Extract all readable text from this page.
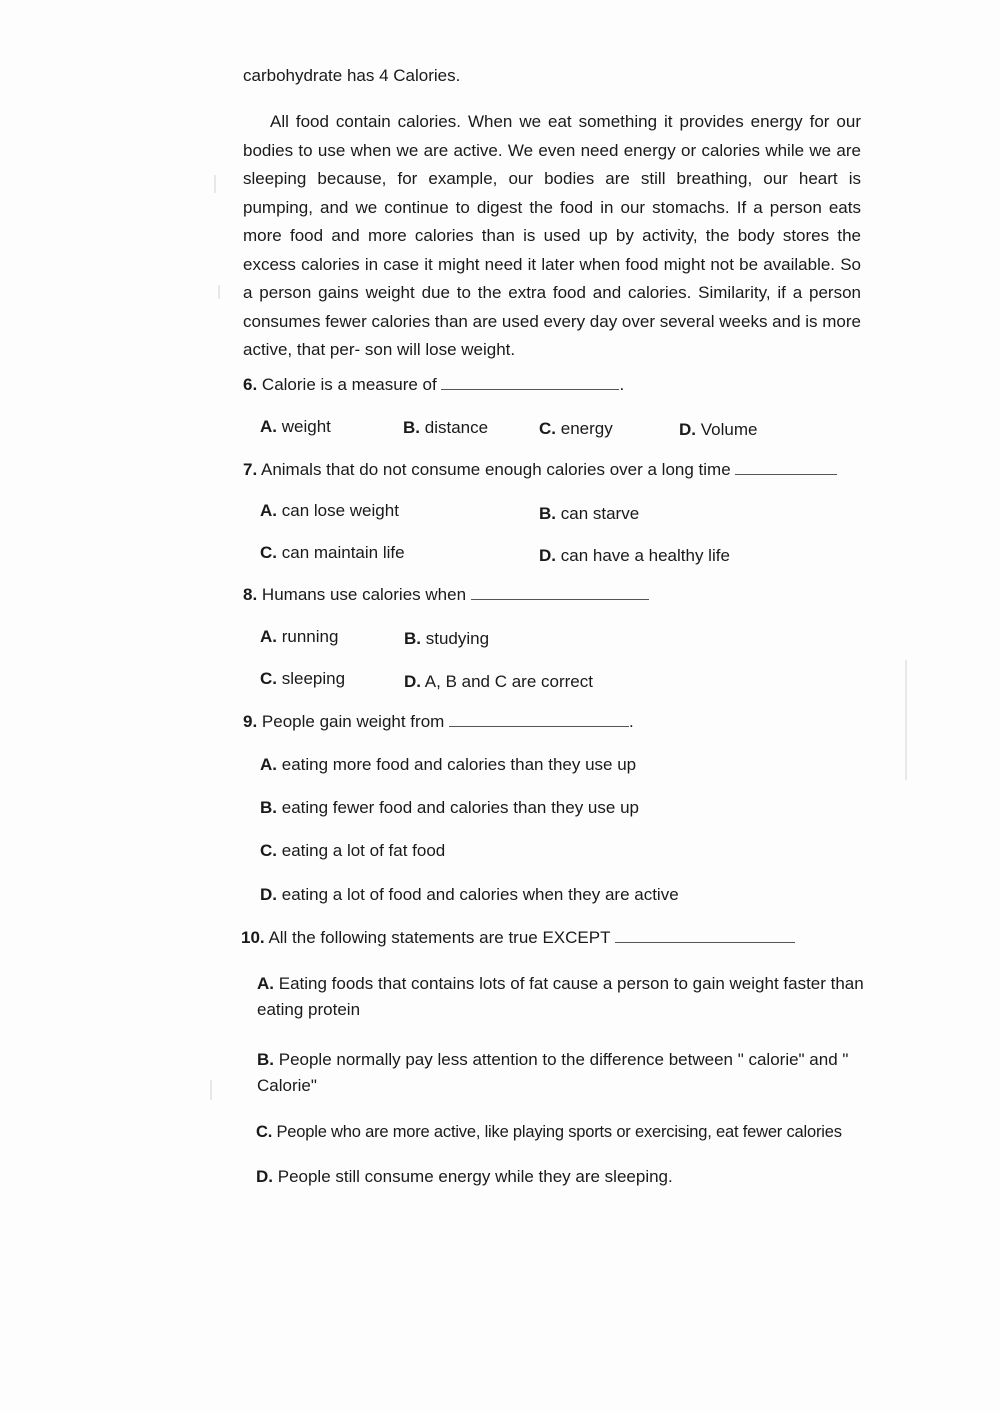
carbohydrate has 4 Calories.
All food contain calories. When we eat something it provides energy for our bodies to use when we are active. We even need energy or calories while we are sleeping because, for example, our bodies are still breathing, our heart is pumping, and we continue to digest the food in our stomachs. If a person eats more food and more calories than is used up by activity, the body stores the excess calories in case it might need it later when food might not be available. So a person gains weight due to the extra food and calories. Similarity, if a person consumes fewer calories than are used every day over several weeks and is more active, that per- son will lose weight.
6. Calorie is a measure of	.
A. weight	B. distance	C. energy	D. Volume
7. Animals that do not consume enough calories over a long time
A. can lose weight	B. can starve
C. can maintain life	D. can have a healthy life
8. Humans use calories when
A. running	B. studying
C. sleeping	D. A, B and C are correct
9. People gain weight from	.
A. eating more food and calories than they use up
B. eating fewer food and calories than they use up
C. eating a lot of fat food
D. eating a lot of food and calories when they are active
10. All the following statements are true EXCEPT
A. Eating foods that contains lots of fat cause a person to gain weight faster than eating protein
B. People normally pay less attention to the difference between " calorie" and " Calorie"
C. People who are more active, like playing sports or exercising, eat fewer calories
D. People still consume energy while they are sleeping.
